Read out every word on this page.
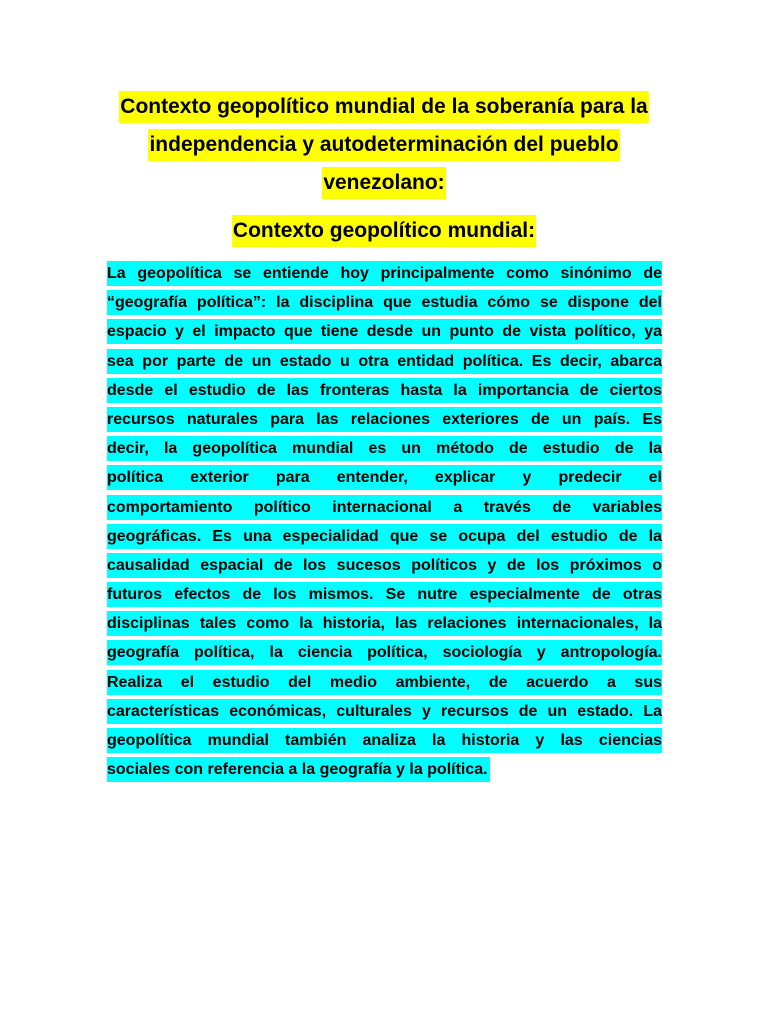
Contexto geopolítico mundial de la soberanía para la
independencia y autodeterminación del pueblo
venezolano:
Contexto geopolítico mundial:
La geopolítica se entiende hoy principalmente como sinónimo de
“geografía política”: la disciplina que estudia cómo se dispone del
espacio y el impacto que tiene desde un punto de vista político, ya
sea por parte de un estado u otra entidad política. Es decir, abarca
desde el estudio de las fronteras hasta la importancia de ciertos
recursos naturales para las relaciones exteriores de un país. Es
decir, la geopolítica mundial es un método de estudio de la
política exterior para entender, explicar y predecir el
comportamiento político internacional a través de variables
geográficas. Es una especialidad que se ocupa del estudio de la
causalidad espacial de los sucesos políticos y de los próximos o
futuros efectos de los mismos. Se nutre especialmente de otras
disciplinas tales como la historia, las relaciones internacionales, la
geografía política, la ciencia política, sociología y antropología.
Realiza el estudio del medio ambiente, de acuerdo a sus
características económicas, culturales y recursos de un estado. La
geopolítica mundial también analiza la historia y las ciencias
sociales con referencia a la geografía y la política.
